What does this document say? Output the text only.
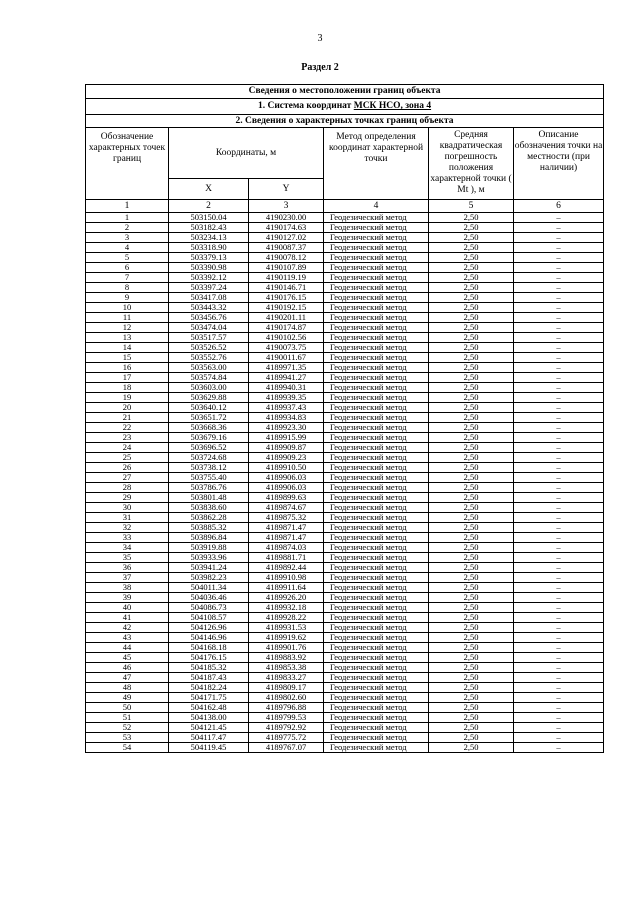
3
Раздел 2
Сведения о местоположении границ объекта					
1. Система координат МСК НСО, зона 4					
2. Сведения о характерных точках границ объекта					
Обозначение характерных точек границ	Координаты, м		Метод определения координат характерной точки	Средняя квадратическая погрешность положения характерной точки ( Mt ), м	Описание обозначения точки на местности (при наличии)
	X	Y			
1	2	3	4	5	6
1	503150.04	4190230.00	Геодезический метод	2,50	–
2	503182.43	4190174.63	Геодезический метод	2,50	–
3	503234.13	4190127.02	Геодезический метод	2,50	–
4	503318.90	4190087.37	Геодезический метод	2,50	–
5	503379.13	4190078.12	Геодезический метод	2,50	–
6	503390.98	4190107.89	Геодезический метод	2,50	–
7	503392.12	4190119.19	Геодезический метод	2,50	–
8	503397.24	4190146.71	Геодезический метод	2,50	–
9	503417.08	4190176.15	Геодезический метод	2,50	–
10	503443.32	4190192.15	Геодезический метод	2,50	–
11	503456.76	4190201.11	Геодезический метод	2,50	–
12	503474.04	4190174.87	Геодезический метод	2,50	–
13	503517.57	4190102.56	Геодезический метод	2,50	–
14	503526.52	4190073.75	Геодезический метод	2,50	–
15	503552.76	4190011.67	Геодезический метод	2,50	–
16	503563.00	4189971.35	Геодезический метод	2,50	–
17	503574.84	4189941.27	Геодезический метод	2,50	–
18	503603.00	4189940.31	Геодезический метод	2,50	–
19	503629.88	4189939.35	Геодезический метод	2,50	–
20	503640.12	4189937.43	Геодезический метод	2,50	–
21	503651.72	4189934.83	Геодезический метод	2,50	–
22	503668.36	4189923.30	Геодезический метод	2,50	–
23	503679.16	4189915.99	Геодезический метод	2,50	–
24	503696.52	4189909.87	Геодезический метод	2,50	–
25	503724.68	4189909.23	Геодезический метод	2,50	–
26	503738.12	4189910.50	Геодезический метод	2,50	–
27	503755.40	4189906.03	Геодезический метод	2,50	–
28	503786.76	4189906.03	Геодезический метод	2,50	–
29	503801.48	4189899.63	Геодезический метод	2,50	–
30	503838.60	4189874.67	Геодезический метод	2,50	–
31	503862.28	4189875.32	Геодезический метод	2,50	–
32	503885.32	4189871.47	Геодезический метод	2,50	–
33	503896.84	4189871.47	Геодезический метод	2,50	–
34	503919.88	4189874.03	Геодезический метод	2,50	–
35	503933.96	4189881.71	Геодезический метод	2,50	–
36	503941.24	4189892.44	Геодезический метод	2,50	–
37	503982.23	4189910.98	Геодезический метод	2,50	–
38	504011.34	4189911.64	Геодезический метод	2,50	–
39	504036.46	4189926.20	Геодезический метод	2,50	–
40	504086.73	4189932.18	Геодезический метод	2,50	–
41	504108.57	4189928.22	Геодезический метод	2,50	–
42	504126.96	4189931.53	Геодезический метод	2,50	–
43	504146.96	4189919.62	Геодезический метод	2,50	–
44	504168.18	4189901.76	Геодезический метод	2,50	–
45	504176.15	4189883.92	Геодезический метод	2,50	–
46	504185.32	4189853.38	Геодезический метод	2,50	–
47	504187.43	4189833.27	Геодезический метод	2,50	–
48	504182.24	4189809.17	Геодезический метод	2,50	–
49	504171.75	4189802.60	Геодезический метод	2,50	–
50	504162.48	4189796.88	Геодезический метод	2,50	–
51	504138.00	4189799.53	Геодезический метод	2,50	–
52	504121.45	4189792.92	Геодезический метод	2,50	–
53	504117.47	4189775.72	Геодезический метод	2,50	–
54	504119.45	4189767.07	Геодезический метод	2,50	–
